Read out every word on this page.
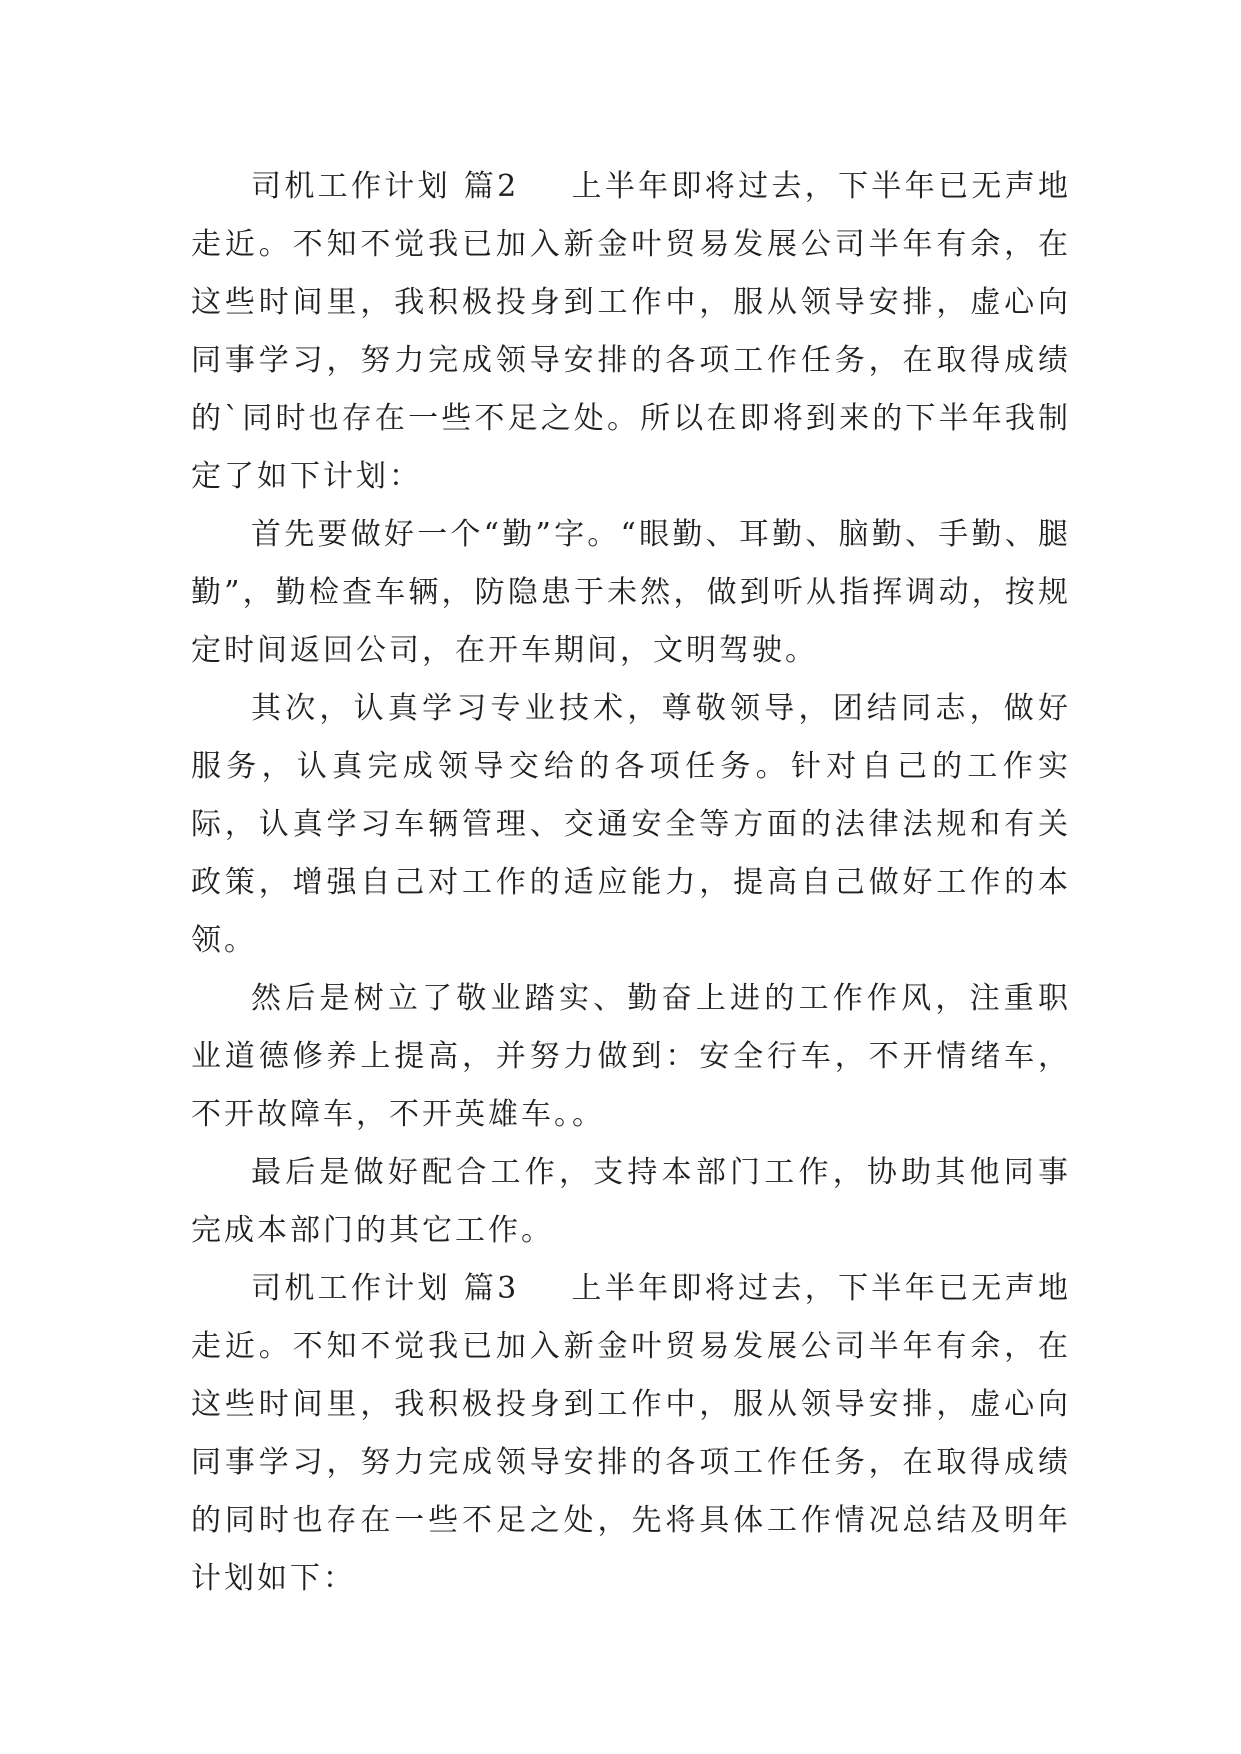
司机工作计划 篇2 上半年即将过去，下半年已无声地走近。不知不觉我已加入新金叶贸易发展公司半年有余，在这些时间里，我积极投身到工作中，服从领导安排，虚心向同事学习，努力完成领导安排的各项工作任务，在取得成绩的`同时也存在一些不足之处。所以在即将到来的下半年我制定了如下计划：

首先要做好一个“勤”字。“眼勤、耳勤、脑勤、手勤、腿勤”，勤检查车辆，防隐患于未然，做到听从指挥调动，按规定时间返回公司，在开车期间，文明驾驶。

其次，认真学习专业技术，尊敬领导，团结同志，做好服务，认真完成领导交给的各项任务。针对自己的工作实际，认真学习车辆管理、交通安全等方面的法律法规和有关政策，增强自己对工作的适应能力，提高自己做好工作的本领。

然后是树立了敬业踏实、勤奋上进的工作作风，注重职业道德修养上提高，并努力做到：安全行车，不开情绪车，不开故障车，不开英雄车。。

最后是做好配合工作，支持本部门工作，协助其他同事完成本部门的其它工作。

司机工作计划 篇3 上半年即将过去，下半年已无声地走近。不知不觉我已加入新金叶贸易发展公司半年有余，在这些时间里，我积极投身到工作中，服从领导安排，虚心向同事学习，努力完成领导安排的各项工作任务，在取得成绩的同时也存在一些不足之处，先将具体工作情况总结及明年计划如下：
